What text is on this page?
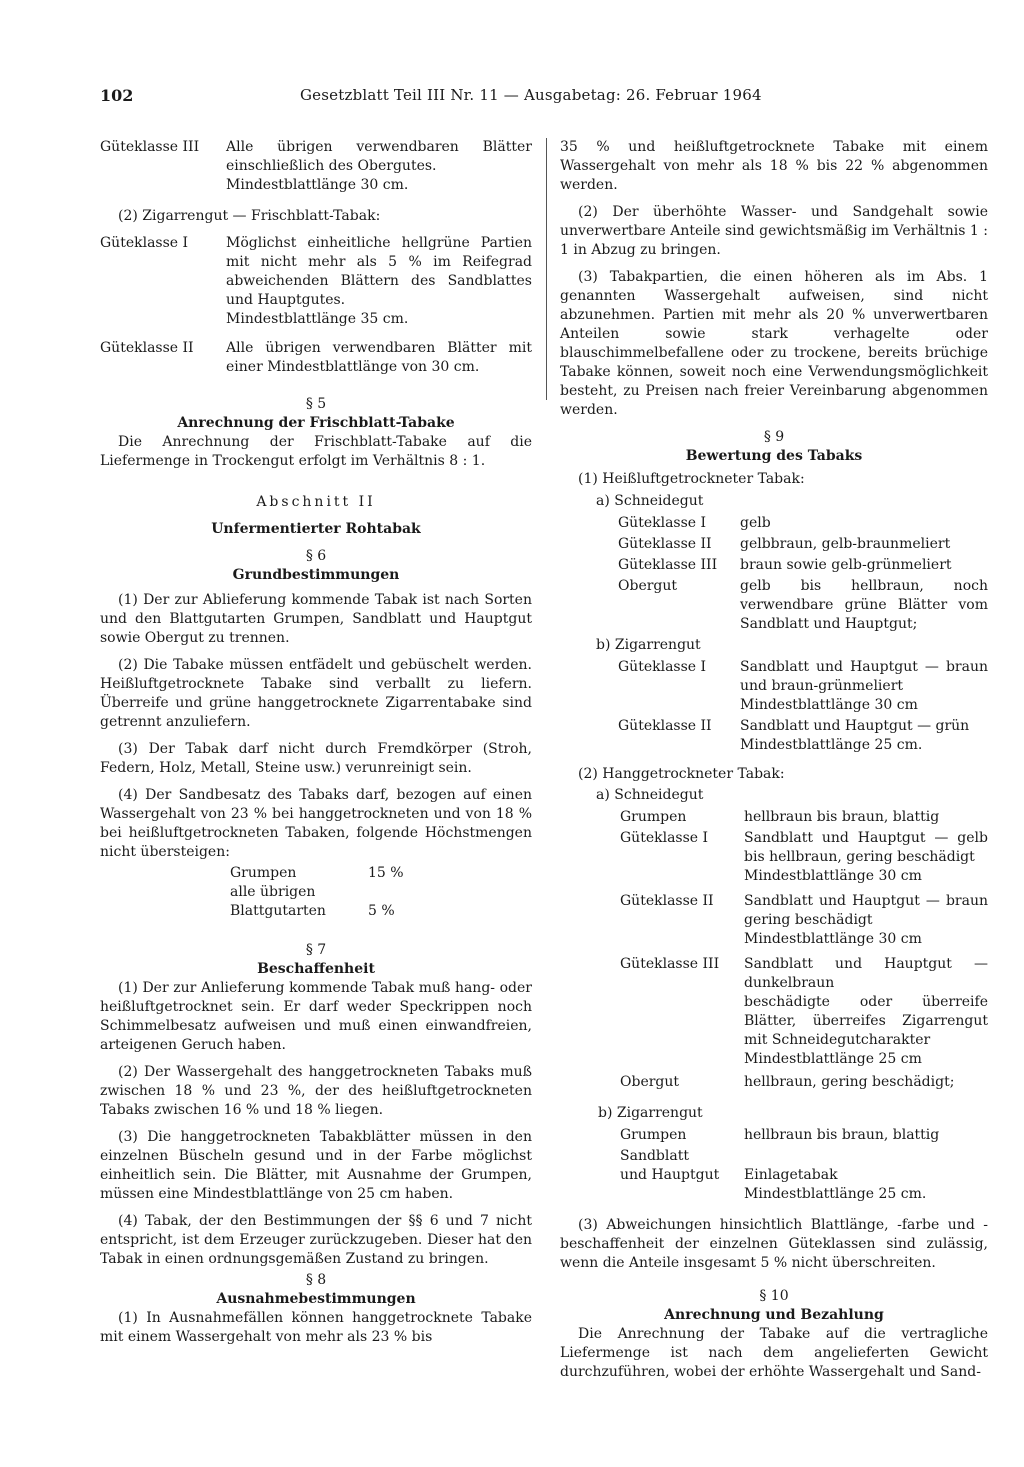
102	Gesetzblatt Teil III Nr. 11 — Ausgabetag: 26. Februar 1964
Güteklasse III	Alle übrigen verwendbaren Blätter einschließlich des Obergutes.
Mindestblattlänge 30 cm.

(2) Zigarrengut — Frischblatt-Tabak:

Güteklasse I	Möglichst einheitliche hellgrüne Partien mit nicht mehr als 5 % im Reifegrad abweichenden Blättern des Sandblattes und Hauptgutes.
Mindestblattlänge 35 cm.
Güteklasse II	Alle übrigen verwendbaren Blätter mit einer Mindestblattlänge von 30 cm.
§ 5
Anrechnung der Frischblatt-Tabake

Die Anrechnung der Frischblatt-Tabake auf die Liefermenge in Trockengut erfolgt im Verhältnis 8 : 1.

Abschnitt II
Unfermentierter Rohtabak
§ 6
Grundbestimmungen

(1) Der zur Ablieferung kommende Tabak ist nach Sorten und den Blattgutarten Grumpen, Sandblatt und Hauptgut sowie Obergut zu trennen.

(2) Die Tabake müssen entfädelt und gebüschelt werden. Heißluftgetrocknete Tabake sind verballt zu liefern. Überreife und grüne hanggetrocknete Zigarrentabake sind getrennt anzuliefern.

(3) Der Tabak darf nicht durch Fremdkörper (Stroh, Federn, Holz, Metall, Steine usw.) verunreinigt sein.

(4) Der Sandbesatz des Tabaks darf, bezogen auf einen Wassergehalt von 23 % bei hanggetrockneten und von 18 % bei heißluftgetrockneten Tabaken, folgende Höchstmengen nicht übersteigen:

Grumpen	15 %
alle übrigen
Blattgutarten	5 %
§ 7
Beschaffenheit

(1) Der zur Anlieferung kommende Tabak muß hang- oder heißluftgetrocknet sein. Er darf weder Speckrippen noch Schimmelbesatz aufweisen und muß einen einwandfreien, arteigenen Geruch haben.

(2) Der Wassergehalt des hanggetrockneten Tabaks muß zwischen 18 % und 23 %, der des heißluftgetrockneten Tabaks zwischen 16 % und 18 % liegen.

(3) Die hanggetrockneten Tabakblätter müssen in den einzelnen Büscheln gesund und in der Farbe möglichst einheitlich sein. Die Blätter, mit Ausnahme der Grumpen, müssen eine Mindestblattlänge von 25 cm haben.

(4) Tabak, der den Bestimmungen der §§ 6 und 7 nicht entspricht, ist dem Erzeuger zurückzugeben. Dieser hat den Tabak in einen ordnungsgemäßen Zustand zu bringen.

§ 8
Ausnahmebestimmungen

(1) In Ausnahmefällen können hanggetrocknete Tabake mit einem Wassergehalt von mehr als 23 % bis

35 % und heißluftgetrocknete Tabake mit einem Wassergehalt von mehr als 18 % bis 22 % abgenommen werden.

(2) Der überhöhte Wasser- und Sandgehalt sowie unverwertbare Anteile sind gewichtsmäßig im Verhältnis 1 : 1 in Abzug zu bringen.

(3) Tabakpartien, die einen höheren als im Abs. 1 genannten Wassergehalt aufweisen, sind nicht abzunehmen. Partien mit mehr als 20 % unverwertbaren Anteilen sowie stark verhagelte oder blauschimmelbefallene oder zu trockene, bereits brüchige Tabake können, soweit noch eine Verwendungsmöglichkeit besteht, zu Preisen nach freier Vereinbarung abgenommen werden.

§ 9
Bewertung des Tabaks
(1) Heißluftgetrockneter Tabak:
a) Schneidegut
Güteklasse I	gelb
Güteklasse II	gelbbraun, gelb-braunmeliert
Güteklasse III	braun sowie gelb-grünmeliert
Obergut	gelb bis hellbraun, noch verwendbare grüne Blätter vom Sandblatt und Hauptgut;
b) Zigarrengut
Güteklasse I	Sandblatt und Hauptgut — braun und braun-grünmeliert
Mindestblattlänge 30 cm
Güteklasse II	Sandblatt und Hauptgut — grün
Mindestblattlänge 25 cm.
(2) Hanggetrockneter Tabak:
a) Schneidegut
Grumpen	hellbraun bis braun, blattig
Güteklasse I	Sandblatt und Hauptgut — gelb bis hellbraun, gering beschädigt
Mindestblattlänge 30 cm
Güteklasse II	Sandblatt und Hauptgut — braun gering beschädigt
Mindestblattlänge 30 cm
Güteklasse III	Sandblatt und Hauptgut — dunkelbraun
beschädigte oder überreife Blätter, überreifes Zigarrengut mit Schneidegutcharakter
Mindestblattlänge 25 cm
Obergut	hellbraun, gering beschädigt;
b) Zigarrengut
Grumpen	hellbraun bis braun, blattig
Sandblatt
und Hauptgut	Einlagetabak
Mindestblattlänge 25 cm.

(3) Abweichungen hinsichtlich Blattlänge, -farbe und -beschaffenheit der einzelnen Güteklassen sind zulässig, wenn die Anteile insgesamt 5 % nicht überschreiten.

§ 10
Anrechnung und Bezahlung

Die Anrechnung der Tabake auf die vertragliche Liefermenge ist nach dem angelieferten Gewicht durchzuführen, wobei der erhöhte Wassergehalt und Sand-
